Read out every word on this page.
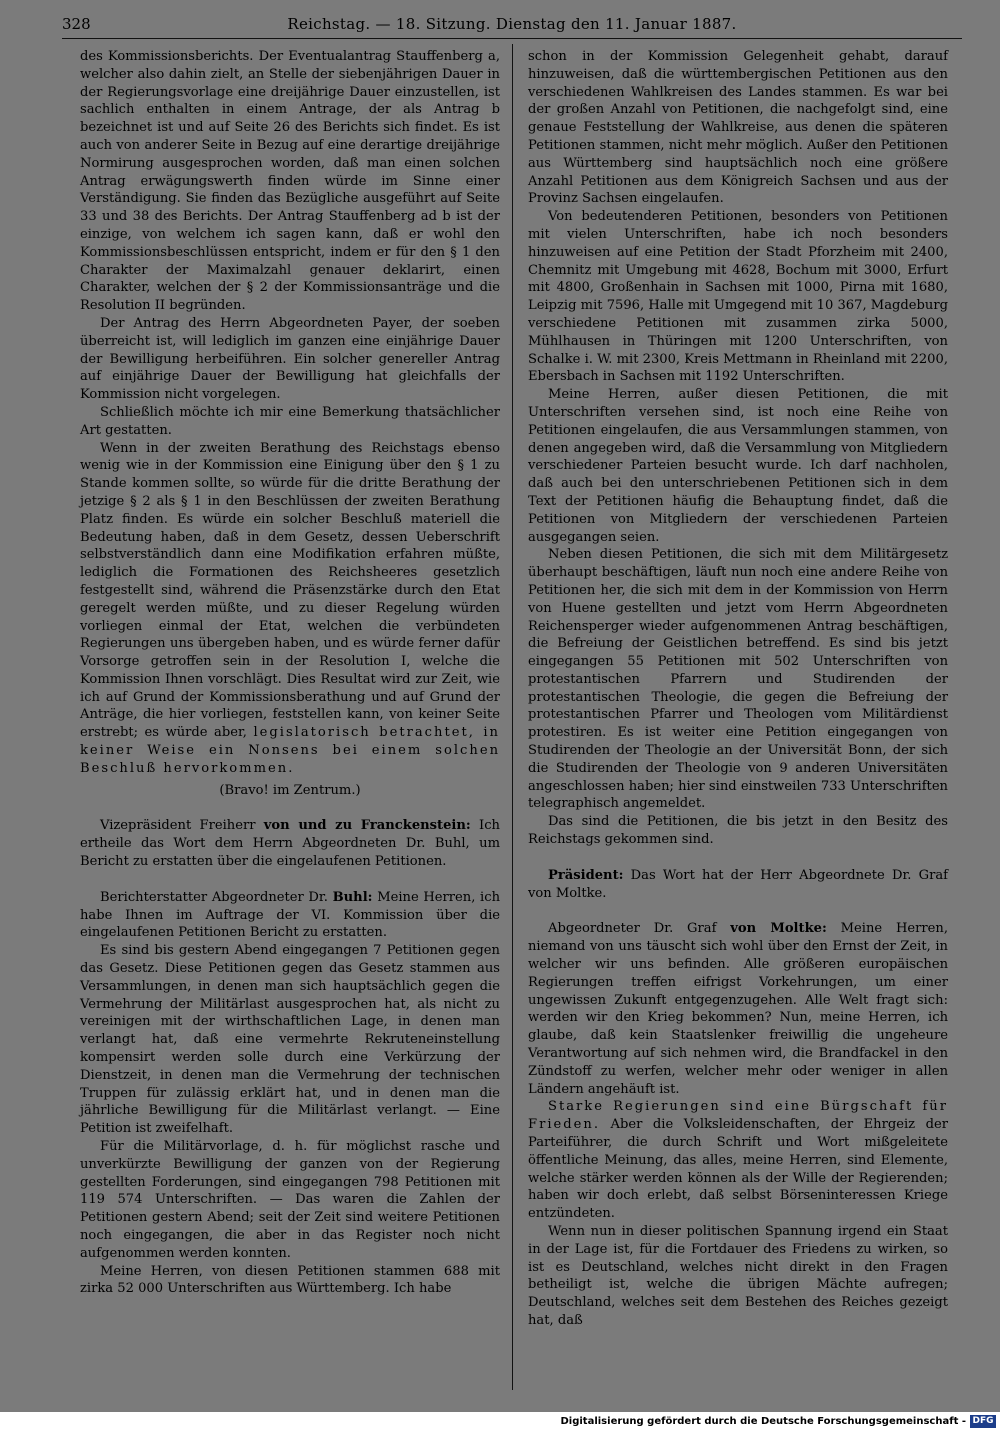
328	Reichstag. — 18. Sitzung. Dienstag den 11. Januar 1887.

des Kommissionsberichts. Der Eventualantrag Stauffenberg a, welcher also dahin zielt, an Stelle der siebenjährigen Dauer in der Regierungsvorlage eine dreijährige Dauer einzustellen, ist sachlich enthalten in einem Antrage, der als Antrag b bezeichnet ist und auf Seite 26 des Berichts sich findet. Es ist auch von anderer Seite in Bezug auf eine derartige dreijährige Normirung ausgesprochen worden, daß man einen solchen Antrag erwägungswerth finden würde im Sinne einer Verständigung. Sie finden das Bezügliche ausgeführt auf Seite 33 und 38 des Berichts. Der Antrag Stauffenberg ad b ist der einzige, von welchem ich sagen kann, daß er wohl den Kommissionsbeschlüssen entspricht, indem er für den § 1 den Charakter der Maximalzahl genauer deklarirt, einen Charakter, welchen der § 2 der Kommissionsanträge und die Resolution II begründen.

Der Antrag des Herrn Abgeordneten Payer, der soeben überreicht ist, will lediglich im ganzen eine einjährige Dauer der Bewilligung herbeiführen. Ein solcher genereller Antrag auf einjährige Dauer der Bewilligung hat gleichfalls der Kommission nicht vorgelegen.

Schließlich möchte ich mir eine Bemerkung thatsächlicher Art gestatten.

Wenn in der zweiten Berathung des Reichstags ebenso wenig wie in der Kommission eine Einigung über den § 1 zu Stande kommen sollte, so würde für die dritte Berathung der jetzige § 2 als § 1 in den Beschlüssen der zweiten Berathung Platz finden. Es würde ein solcher Beschluß materiell die Bedeutung haben, daß in dem Gesetz, dessen Ueberschrift selbstverständlich dann eine Modifikation erfahren müßte, lediglich die Formationen des Reichsheeres gesetzlich festgestellt sind, während die Präsenzstärke durch den Etat geregelt werden müßte, und zu dieser Regelung würden vorliegen einmal der Etat, welchen die verbündeten Regierungen uns übergeben haben, und es würde ferner dafür Vorsorge getroffen sein in der Resolution I, welche die Kommission Ihnen vorschlägt. Dies Resultat wird zur Zeit, wie ich auf Grund der Kommissionsberathung und auf Grund der Anträge, die hier vorliegen, feststellen kann, von keiner Seite erstrebt; es würde aber, legislatorisch betrachtet, in keiner Weise ein Nonsens bei einem solchen Beschluß hervorkommen.

(Bravo! im Zentrum.)

Vizepräsident Freiherr von und zu Franckenstein: Ich ertheile das Wort dem Herrn Abgeordneten Dr. Buhl, um Bericht zu erstatten über die eingelaufenen Petitionen.

Berichterstatter Abgeordneter Dr. Buhl: Meine Herren, ich habe Ihnen im Auftrage der VI. Kommission über die eingelaufenen Petitionen Bericht zu erstatten.

Es sind bis gestern Abend eingegangen 7 Petitionen gegen das Gesetz. Diese Petitionen gegen das Gesetz stammen aus Versammlungen, in denen man sich hauptsächlich gegen die Vermehrung der Militärlast ausgesprochen hat, als nicht zu vereinigen mit der wirthschaftlichen Lage, in denen man verlangt hat, daß eine vermehrte Rekruteneinstellung kompensirt werden solle durch eine Verkürzung der Dienstzeit, in denen man die Vermehrung der technischen Truppen für zulässig erklärt hat, und in denen man die jährliche Bewilligung für die Militärlast verlangt. — Eine Petition ist zweifelhaft.

Für die Militärvorlage, d. h. für möglichst rasche und unverkürzte Bewilligung der ganzen von der Regierung gestellten Forderungen, sind eingegangen 798 Petitionen mit 119 574 Unterschriften. — Das waren die Zahlen der Petitionen gestern Abend; seit der Zeit sind weitere Petitionen noch eingegangen, die aber in das Register noch nicht aufgenommen werden konnten.

Meine Herren, von diesen Petitionen stammen 688 mit zirka 52 000 Unterschriften aus Württemberg. Ich habe

schon in der Kommission Gelegenheit gehabt, darauf hinzuweisen, daß die württembergischen Petitionen aus den verschiedenen Wahlkreisen des Landes stammen. Es war bei der großen Anzahl von Petitionen, die nachgefolgt sind, eine genaue Feststellung der Wahlkreise, aus denen die späteren Petitionen stammen, nicht mehr möglich. Außer den Petitionen aus Württemberg sind hauptsächlich noch eine größere Anzahl Petitionen aus dem Königreich Sachsen und aus der Provinz Sachsen eingelaufen.

Von bedeutenderen Petitionen, besonders von Petitionen mit vielen Unterschriften, habe ich noch besonders hinzuweisen auf eine Petition der Stadt Pforzheim mit 2400, Chemnitz mit Umgebung mit 4628, Bochum mit 3000, Erfurt mit 4800, Großenhain in Sachsen mit 1000, Pirna mit 1680, Leipzig mit 7596, Halle mit Umgegend mit 10 367, Magdeburg verschiedene Petitionen mit zusammen zirka 5000, Mühlhausen in Thüringen mit 1200 Unterschriften, von Schalke i. W. mit 2300, Kreis Mettmann in Rheinland mit 2200, Ebersbach in Sachsen mit 1192 Unterschriften.

Meine Herren, außer diesen Petitionen, die mit Unterschriften versehen sind, ist noch eine Reihe von Petitionen eingelaufen, die aus Versammlungen stammen, von denen angegeben wird, daß die Versammlung von Mitgliedern verschiedener Parteien besucht wurde. Ich darf nachholen, daß auch bei den unterschriebenen Petitionen sich in dem Text der Petitionen häufig die Behauptung findet, daß die Petitionen von Mitgliedern der verschiedenen Parteien ausgegangen seien.

Neben diesen Petitionen, die sich mit dem Militärgesetz überhaupt beschäftigen, läuft nun noch eine andere Reihe von Petitionen her, die sich mit dem in der Kommission von Herrn von Huene gestellten und jetzt vom Herrn Abgeordneten Reichensperger wieder aufgenommenen Antrag beschäftigen, die Befreiung der Geistlichen betreffend. Es sind bis jetzt eingegangen 55 Petitionen mit 502 Unterschriften von protestantischen Pfarrern und Studirenden der protestantischen Theologie, die gegen die Befreiung der protestantischen Pfarrer und Theologen vom Militärdienst protestiren. Es ist weiter eine Petition eingegangen von Studirenden der Theologie an der Universität Bonn, der sich die Studirenden der Theologie von 9 anderen Universitäten angeschlossen haben; hier sind einstweilen 733 Unterschriften telegraphisch angemeldet.

Das sind die Petitionen, die bis jetzt in den Besitz des Reichstags gekommen sind.

Präsident: Das Wort hat der Herr Abgeordnete Dr. Graf von Moltke.

Abgeordneter Dr. Graf von Moltke: Meine Herren, niemand von uns täuscht sich wohl über den Ernst der Zeit, in welcher wir uns befinden. Alle größeren europäischen Regierungen treffen eifrigst Vorkehrungen, um einer ungewissen Zukunft entgegenzugehen. Alle Welt fragt sich: werden wir den Krieg bekommen? Nun, meine Herren, ich glaube, daß kein Staatslenker freiwillig die ungeheure Verantwortung auf sich nehmen wird, die Brandfackel in den Zündstoff zu werfen, welcher mehr oder weniger in allen Ländern angehäuft ist.

Starke Regierungen sind eine Bürgschaft für Frieden. Aber die Volksleidenschaften, der Ehrgeiz der Parteiführer, die durch Schrift und Wort mißgeleitete öffentliche Meinung, das alles, meine Herren, sind Elemente, welche stärker werden können als der Wille der Regierenden; haben wir doch erlebt, daß selbst Börseninteressen Kriege entzündeten.

Wenn nun in dieser politischen Spannung irgend ein Staat in der Lage ist, für die Fortdauer des Friedens zu wirken, so ist es Deutschland, welches nicht direkt in den Fragen betheiligt ist, welche die übrigen Mächte aufregen; Deutschland, welches seit dem Bestehen des Reiches gezeigt hat, daß

Digitalisierung gefördert durch die Deutsche Forschungsgemeinschaft - DFG
